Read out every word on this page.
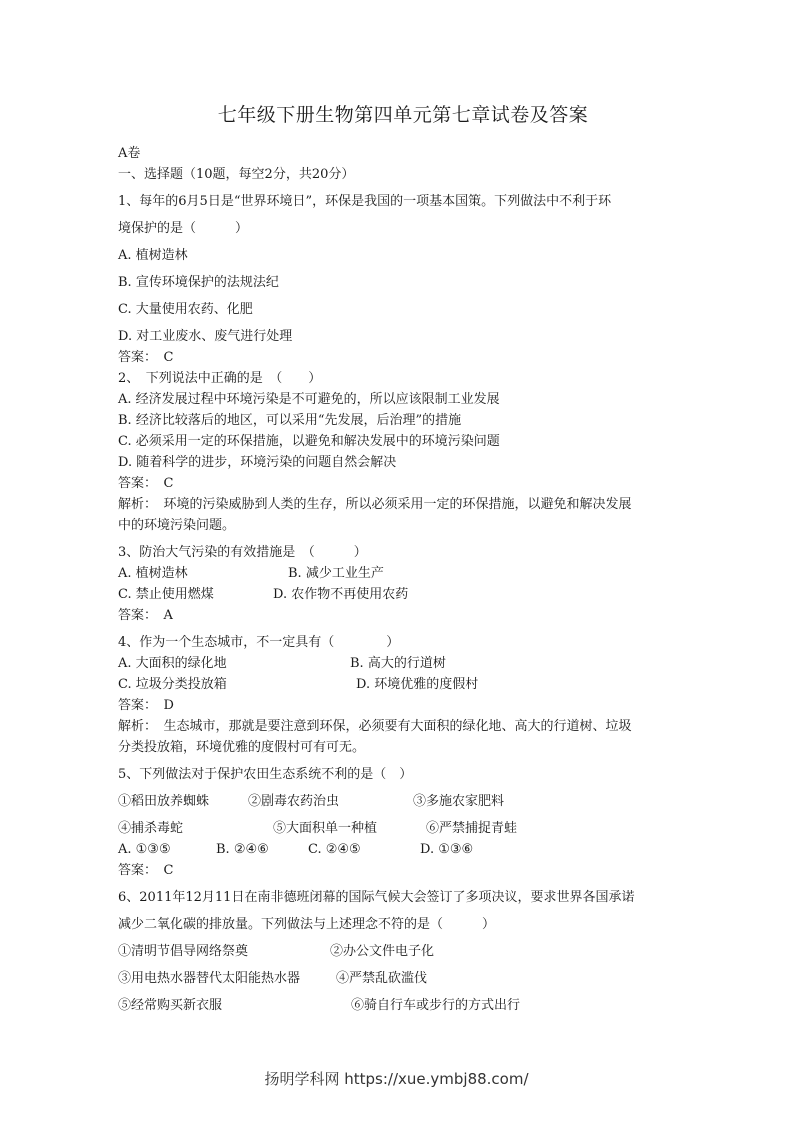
七年级下册生物第四单元第七章试卷及答案
A卷
一、选择题（10题，每空2分，共20分）
1、每年的6月5日是“世界环境日”，环保是我国的一项基本国策。下列做法中不利于环
境保护的是（　　　）
A. 植树造林
B. 宣传环境保护的法规法纪
C. 大量使用农药、化肥
D. 对工业废水、废气进行处理
答案：　C
2、　下列说法中正确的是　（　　）
A. 经济发展过程中环境污染是不可避免的，所以应该限制工业发展
B. 经济比较落后的地区，可以采用“先发展，后治理”的措施
C. 必须采用一定的环保措施，以避免和解决发展中的环境污染问题
D. 随着科学的进步，环境污染的问题自然会解决
答案：　C
解析：　环境的污染威胁到人类的生存，所以必须采用一定的环保措施，以避免和解决发展
中的环境污染问题。
3、防治大气污染的有效措施是　（　　　）
A. 植树造林	B. 减少工业生产
C. 禁止使用燃煤	D. 农作物不再使用农药
答案：　A
4、作为一个生态城市，不一定具有（　　　　）
A. 大面积的绿化地	B. 高大的行道树
C. 垃圾分类投放箱	D. 环境优雅的度假村
答案：　D
解析：　生态城市，那就是要注意到环保，必须要有大面积的绿化地、高大的行道树、垃圾
分类投放箱，环境优雅的度假村可有可无。
5、下列做法对于保护农田生态系统不利的是（　）
①稻田放养蜘蛛	②剧毒农药治虫	③多施农家肥料
④捕杀毒蛇	⑤大面积单一种植	⑥严禁捕捉青蛙
A. ①③⑤	B. ②④⑥	C. ②④⑤	D. ①③⑥
答案：　C
6、2011年12月11日在南非德班闭幕的国际气候大会签订了多项决议，要求世界各国承诺
减少二氧化碳的排放量。下列做法与上述理念不符的是（　　　）
①清明节倡导网络祭奠	②办公文件电子化
③用电热水器替代太阳能热水器	④严禁乱砍滥伐
⑤经常购买新衣服	⑥骑自行车或步行的方式出行
扬明学科网 https://xue.ymbj88.com/
